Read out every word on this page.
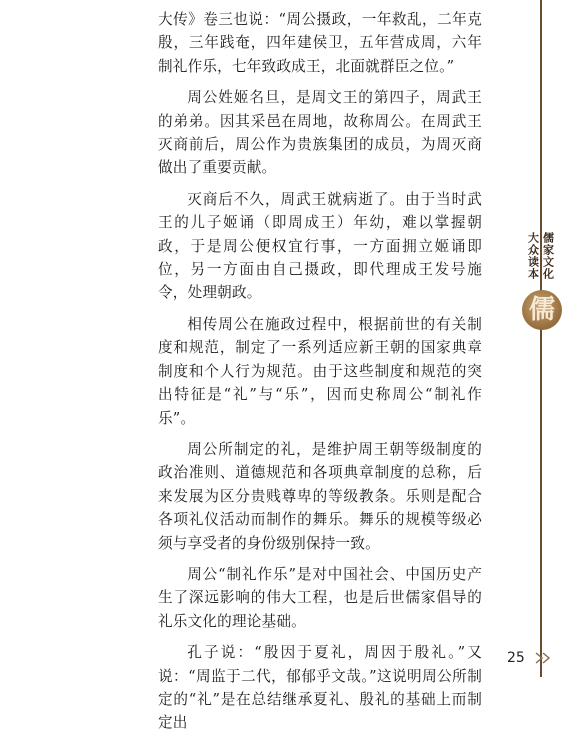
大传》卷三也说：“周公摄政，一年救乱，二年克殷，三年践奄，四年建侯卫，五年营成周，六年制礼作乐，七年致政成王，北面就群臣之位。”

周公姓姬名旦，是周文王的第四子，周武王的弟弟。因其采邑在周地，故称周公。在周武王灭商前后，周公作为贵族集团的成员，为周灭商做出了重要贡献。

灭商后不久，周武王就病逝了。由于当时武王的儿子姬诵（即周成王）年幼，难以掌握朝政，于是周公便权宜行事，一方面拥立姬诵即位，另一方面由自己摄政，即代理成王发号施令，处理朝政。

相传周公在施政过程中，根据前世的有关制度和规范，制定了一系列适应新王朝的国家典章制度和个人行为规范。由于这些制度和规范的突出特征是“礼”与“乐”，因而史称周公“制礼作乐”。

周公所制定的礼，是维护周王朝等级制度的政治准则、道德规范和各项典章制度的总称，后来发展为区分贵贱尊卑的等级教条。乐则是配合各项礼仪活动而制作的舞乐。舞乐的规模等级必须与享受者的身份级别保持一致。

周公“制礼作乐”是对中国社会、中国历史产生了深远影响的伟大工程，也是后世儒家倡导的礼乐文化的理论基础。

孔子说：“殷因于夏礼，周因于殷礼。”又说：“周监于二代，郁郁乎文哉。”这说明周公所制定的“礼”是在总结继承夏礼、殷礼的基础上而制定出

儒家文化
大众读本
儒
25
